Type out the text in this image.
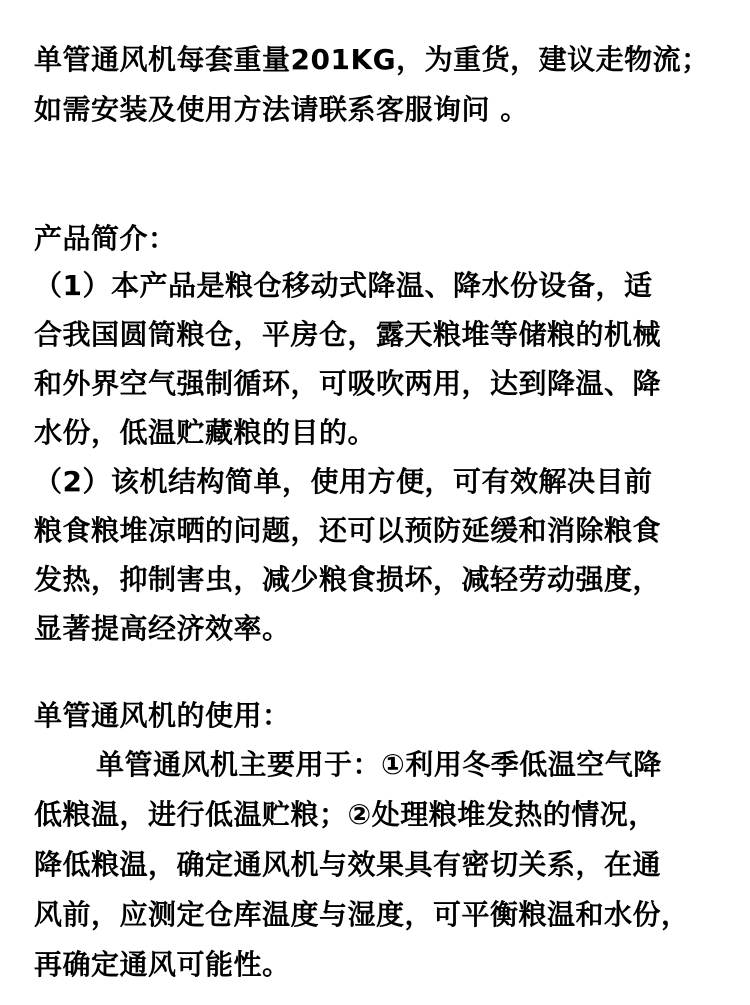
单管通风机每套重量201KG，为重货，建议走物流；
如需安装及使用方法请联系客服询问 。
产品简介：
（1）本产品是粮仓移动式降温、降水份设备，适
合我国圆筒粮仓，平房仓，露天粮堆等储粮的机械
和外界空气强制循环，可吸吹两用，达到降温、降
水份，低温贮藏粮的目的。
（2）该机结构简单，使用方便，可有效解决目前
粮食粮堆凉晒的问题，还可以预防延缓和消除粮食
发热，抑制害虫，减少粮食损坏，减轻劳动强度，
显著提高经济效率。
单管通风机的使用：
单管通风机主要用于：①利用冬季低温空气降
低粮温，进行低温贮粮；②处理粮堆发热的情况，
降低粮温，确定通风机与效果具有密切关系，在通
风前，应测定仓库温度与湿度，可平衡粮温和水份，
再确定通风可能性。
